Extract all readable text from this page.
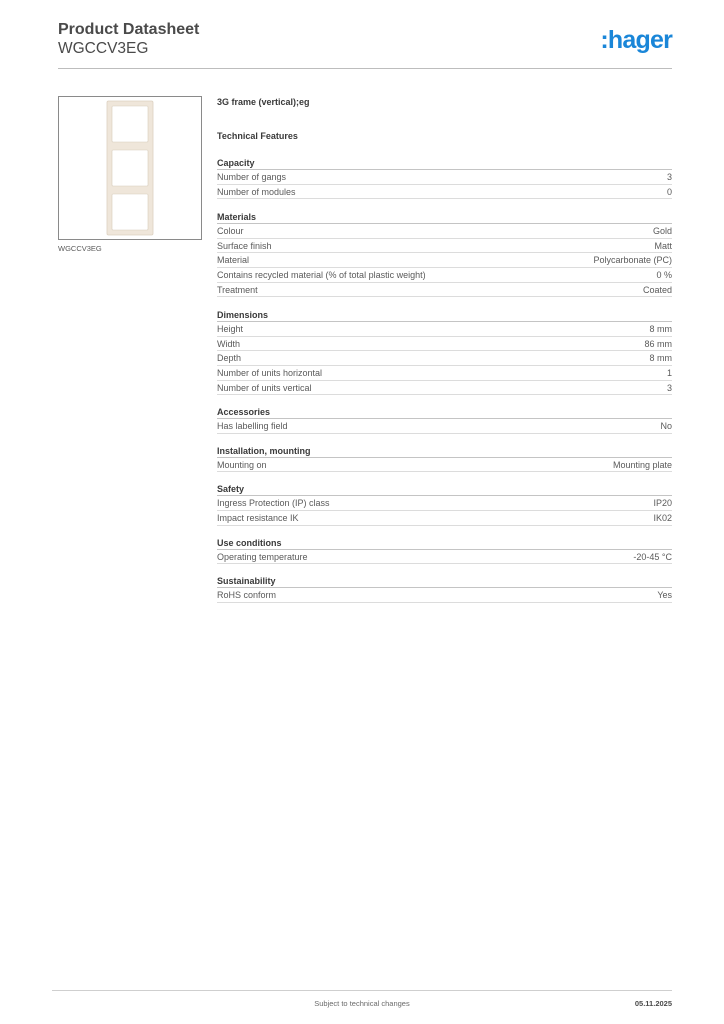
Product Datasheet
WGCCV3EG	:hager
WGCCV3EG
3G frame (vertical);eg
Technical Features
Capacity
Number of gangs	3
Number of modules	0
Materials
Colour	Gold
Surface finish	Matt
Material	Polycarbonate (PC)
Contains recycled material (% of total plastic weight)	0 %
Treatment	Coated
Dimensions
Height	8 mm
Width	86 mm
Depth	8 mm
Number of units horizontal	1
Number of units vertical	3
Accessories
Has labelling field	No
Installation, mounting
Mounting on	Mounting plate
Safety
Ingress Protection (IP) class	IP20
Impact resistance IK	IK02
Use conditions
Operating temperature	-20-45 °C
Sustainability
RoHS conform	Yes
Subject to technical changes	05.11.2025
